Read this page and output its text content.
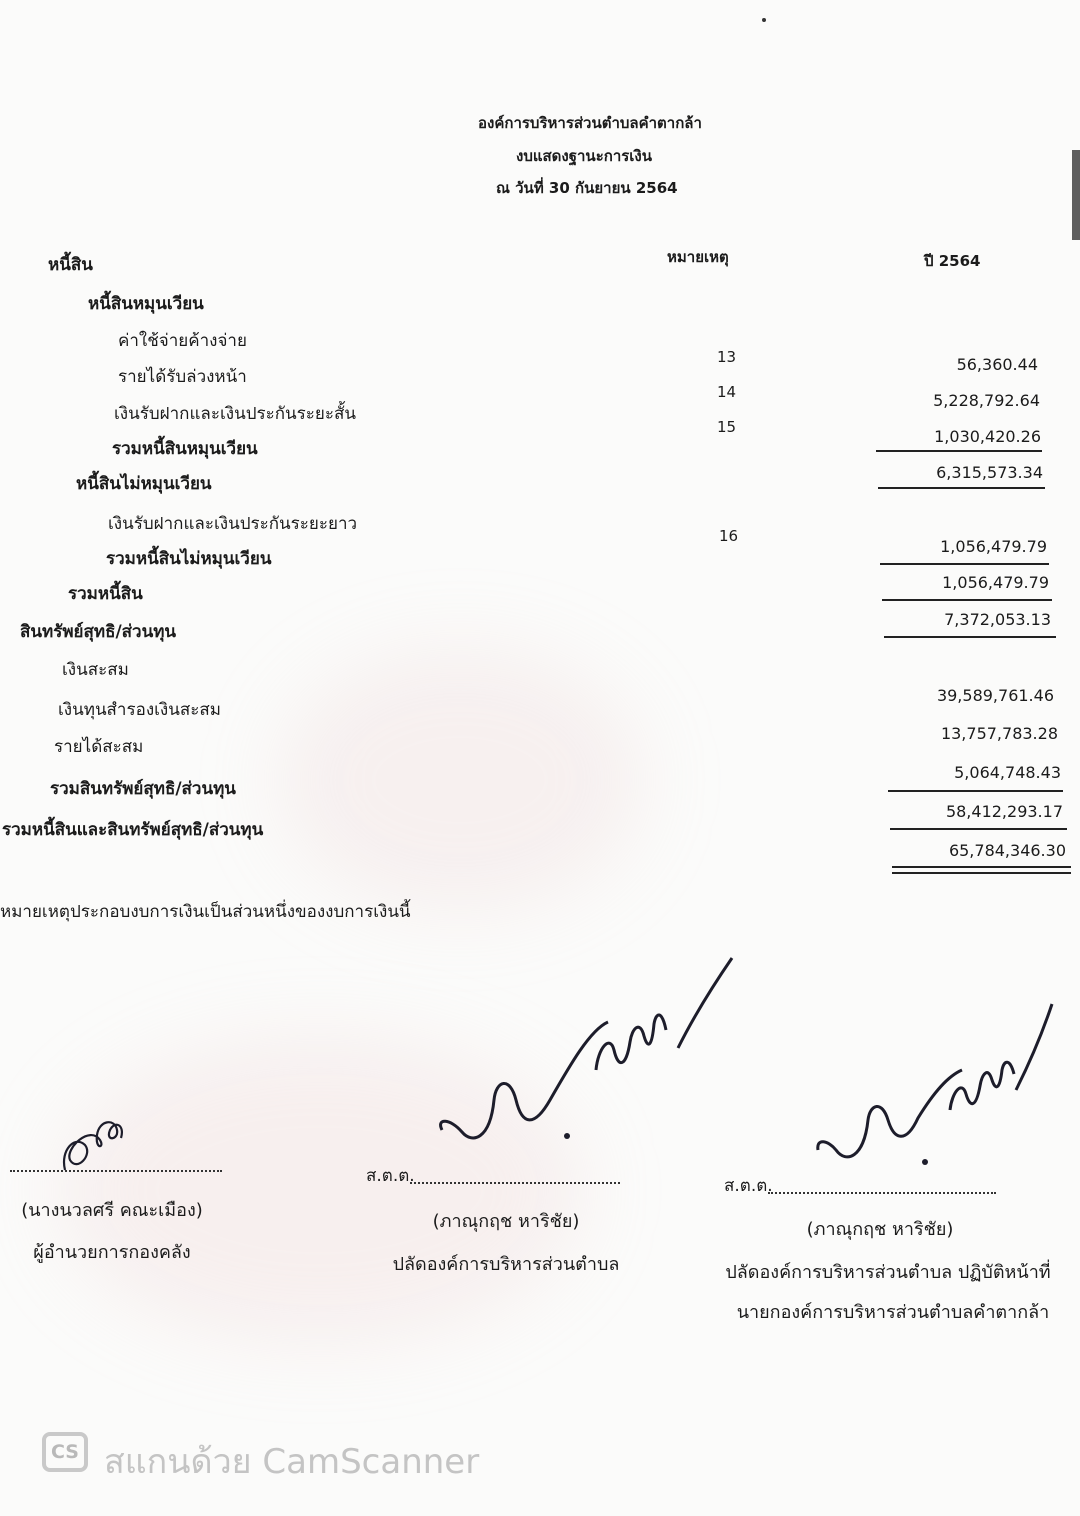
องค์การบริหารส่วนตำบลคำตากล้า
งบแสดงฐานะการเงิน
ณ วันที่ 30 กันยายน 2564
หมายเหตุ	ปี 2564
หนี้สิน
หนี้สินหมุนเวียน
ค่าใช้จ่ายค้างจ่าย
รายได้รับล่วงหน้า
เงินรับฝากและเงินประกันระยะสั้น
รวมหนี้สินหมุนเวียน
หนี้สินไม่หมุนเวียน
เงินรับฝากและเงินประกันระยะยาว
รวมหนี้สินไม่หมุนเวียน
รวมหนี้สิน
สินทรัพย์สุทธิ/ส่วนทุน
เงินสะสม
เงินทุนสำรองเงินสะสม
รายได้สะสม
รวมสินทรัพย์สุทธิ/ส่วนทุน
รวมหนี้สินและสินทรัพย์สุทธิ/ส่วนทุน
13
14
15
16
56,360.44
5,228,792.64
1,030,420.26
6,315,573.34
1,056,479.79
1,056,479.79
7,372,053.13
39,589,761.46
13,757,783.28
5,064,748.43
58,412,293.17
65,784,346.30
หมายเหตุประกอบงบการเงินเป็นส่วนหนึ่งของงบการเงินนี้
(นางนวลศรี คณะเมือง)
ผู้อำนวยการกองคลัง
ส.ต.ต.
(ภาณุกฤช หาริชัย)
ปลัดองค์การบริหารส่วนตำบล
ส.ต.ต.
(ภาณุกฤช หาริชัย)
ปลัดองค์การบริหารส่วนตำบล ปฏิบัติหน้าที่
นายกองค์การบริหารส่วนตำบลคำตากล้า
CS สแกนด้วย CamScanner
